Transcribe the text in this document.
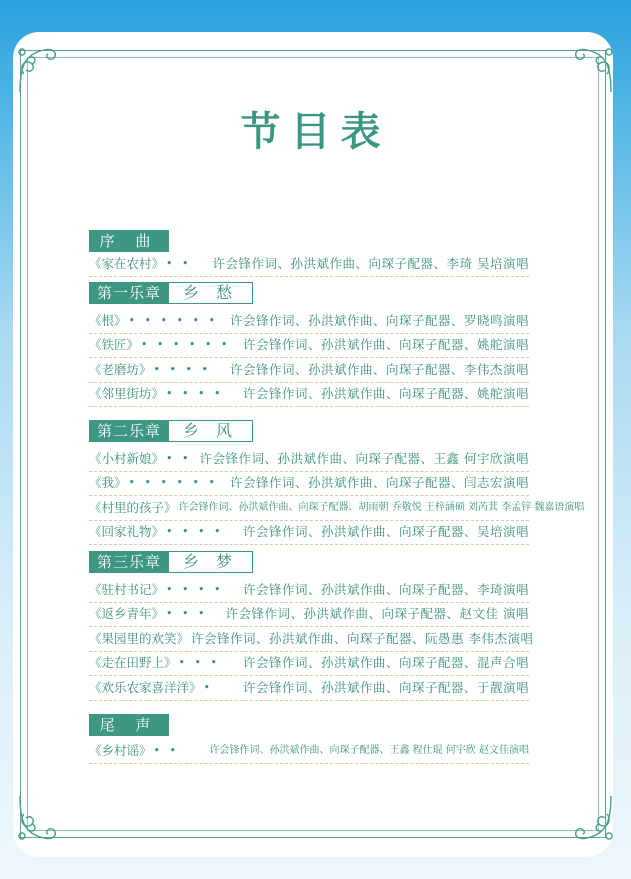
节目表
序 曲
《家在农村》 • •	许会锋作词、孙洪斌作曲、向琛子配器、李琦 吴培演唱
第一乐章 乡 愁
《根》 • • • • • • 许会锋作词、孙洪斌作曲、向琛子配器、罗晓鸣演唱
《铁匠》 • • • • • •	许会锋作词、孙洪斌作曲、向琛子配器、姚舵演唱
《老磨坊》 • • • •	许会锋作词、孙洪斌作曲、向琛子配器、李伟杰演唱
《邻里街坊》 • • • •	许会锋作词、孙洪斌作曲、向琛子配器、姚舵演唱
第二乐章 乡 风
《小村新娘》 • • 许会锋作词、孙洪斌作曲、向琛子配器、王鑫 何宇欣演唱
《我》 • • • • • • 许会锋作词、孙洪斌作曲、向琛子配器、闫志宏演唱
《村里的孩子》 许会锋作词、孙洪斌作曲、向琛子配器、胡雨朝 乔敬悦 王梓涵硕 刘芮萁 李孟锌 魏嘉语演唱
《回家礼物》 • • • •	许会锋作词、孙洪斌作曲、向琛子配器、吴培演唱
第三乐章 乡 梦
《驻村书记》 • • • •	许会锋作词、孙洪斌作曲、向琛子配器、李琦演唱
《返乡青年》 • • •	许会锋作词、孙洪斌作曲、向琛子配器、赵文佳 演唱
《果园里的欢笑》 许会锋作词、孙洪斌作曲、向琛子配器、阮愚惠 李伟杰演唱
《走在田野上》 • • •	许会锋作词、孙洪斌作曲、向琛子配器、混声合唱
《欢乐农家喜洋洋》 •	许会锋作词、孙洪斌作曲、向琛子配器、于靓演唱
尾 声
《乡村谣》 • •	许会锋作词、孙洪斌作曲、向琛子配器、王鑫 程仕琨 何宇欣 赵文佳演唱
